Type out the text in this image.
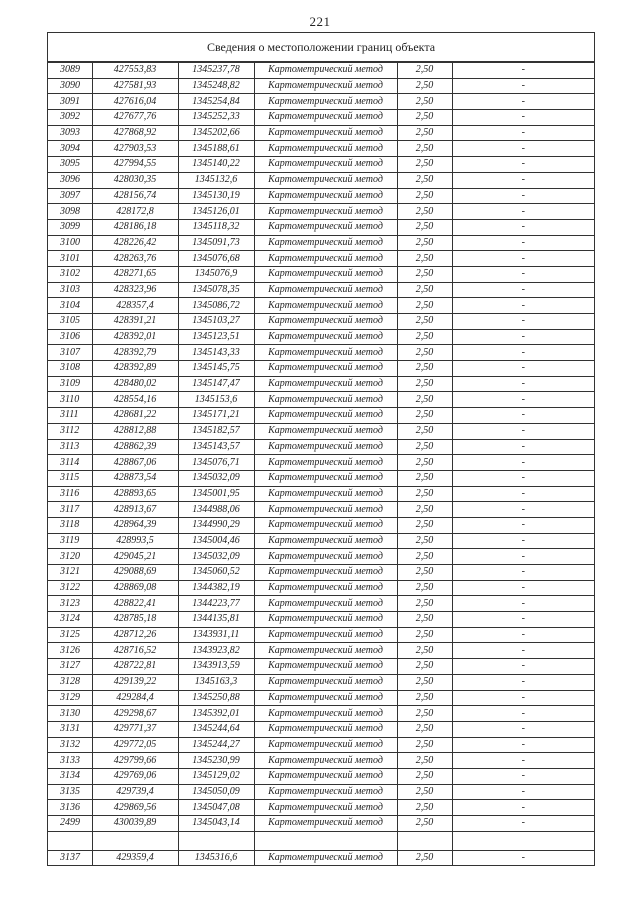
221
Сведения о местоположении границ объекта
3089	427553,83	1345237,78	Картометрический метод	2,50	-
3090	427581,93	1345248,82	Картометрический метод	2,50	-
3091	427616,04	1345254,84	Картометрический метод	2,50	-
3092	427677,76	1345252,33	Картометрический метод	2,50	-
3093	427868,92	1345202,66	Картометрический метод	2,50	-
3094	427903,53	1345188,61	Картометрический метод	2,50	-
3095	427994,55	1345140,22	Картометрический метод	2,50	-
3096	428030,35	1345132,6	Картометрический метод	2,50	-
3097	428156,74	1345130,19	Картометрический метод	2,50	-
3098	428172,8	1345126,01	Картометрический метод	2,50	-
3099	428186,18	1345118,32	Картометрический метод	2,50	-
3100	428226,42	1345091,73	Картометрический метод	2,50	-
3101	428263,76	1345076,68	Картометрический метод	2,50	-
3102	428271,65	1345076,9	Картометрический метод	2,50	-
3103	428323,96	1345078,35	Картометрический метод	2,50	-
3104	428357,4	1345086,72	Картометрический метод	2,50	-
3105	428391,21	1345103,27	Картометрический метод	2,50	-
3106	428392,01	1345123,51	Картометрический метод	2,50	-
3107	428392,79	1345143,33	Картометрический метод	2,50	-
3108	428392,89	1345145,75	Картометрический метод	2,50	-
3109	428480,02	1345147,47	Картометрический метод	2,50	-
3110	428554,16	1345153,6	Картометрический метод	2,50	-
3111	428681,22	1345171,21	Картометрический метод	2,50	-
3112	428812,88	1345182,57	Картометрический метод	2,50	-
3113	428862,39	1345143,57	Картометрический метод	2,50	-
3114	428867,06	1345076,71	Картометрический метод	2,50	-
3115	428873,54	1345032,09	Картометрический метод	2,50	-
3116	428893,65	1345001,95	Картометрический метод	2,50	-
3117	428913,67	1344988,06	Картометрический метод	2,50	-
3118	428964,39	1344990,29	Картометрический метод	2,50	-
3119	428993,5	1345004,46	Картометрический метод	2,50	-
3120	429045,21	1345032,09	Картометрический метод	2,50	-
3121	429088,69	1345060,52	Картометрический метод	2,50	-
3122	428869,08	1344382,19	Картометрический метод	2,50	-
3123	428822,41	1344223,77	Картометрический метод	2,50	-
3124	428785,18	1344135,81	Картометрический метод	2,50	-
3125	428712,26	1343931,11	Картометрический метод	2,50	-
3126	428716,52	1343923,82	Картометрический метод	2,50	-
3127	428722,81	1343913,59	Картометрический метод	2,50	-
3128	429139,22	1345163,3	Картометрический метод	2,50	-
3129	429284,4	1345250,88	Картометрический метод	2,50	-
3130	429298,67	1345392,01	Картометрический метод	2,50	-
3131	429771,37	1345244,64	Картометрический метод	2,50	-
3132	429772,05	1345244,27	Картометрический метод	2,50	-
3133	429799,66	1345230,99	Картометрический метод	2,50	-
3134	429769,06	1345129,02	Картометрический метод	2,50	-
3135	429739,4	1345050,09	Картометрический метод	2,50	-
3136	429869,56	1345047,08	Картометрический метод	2,50	-
2499	430039,89	1345043,14	Картометрический метод	2,50	-

3137	429359,4	1345316,6	Картометрический метод	2,50	-
